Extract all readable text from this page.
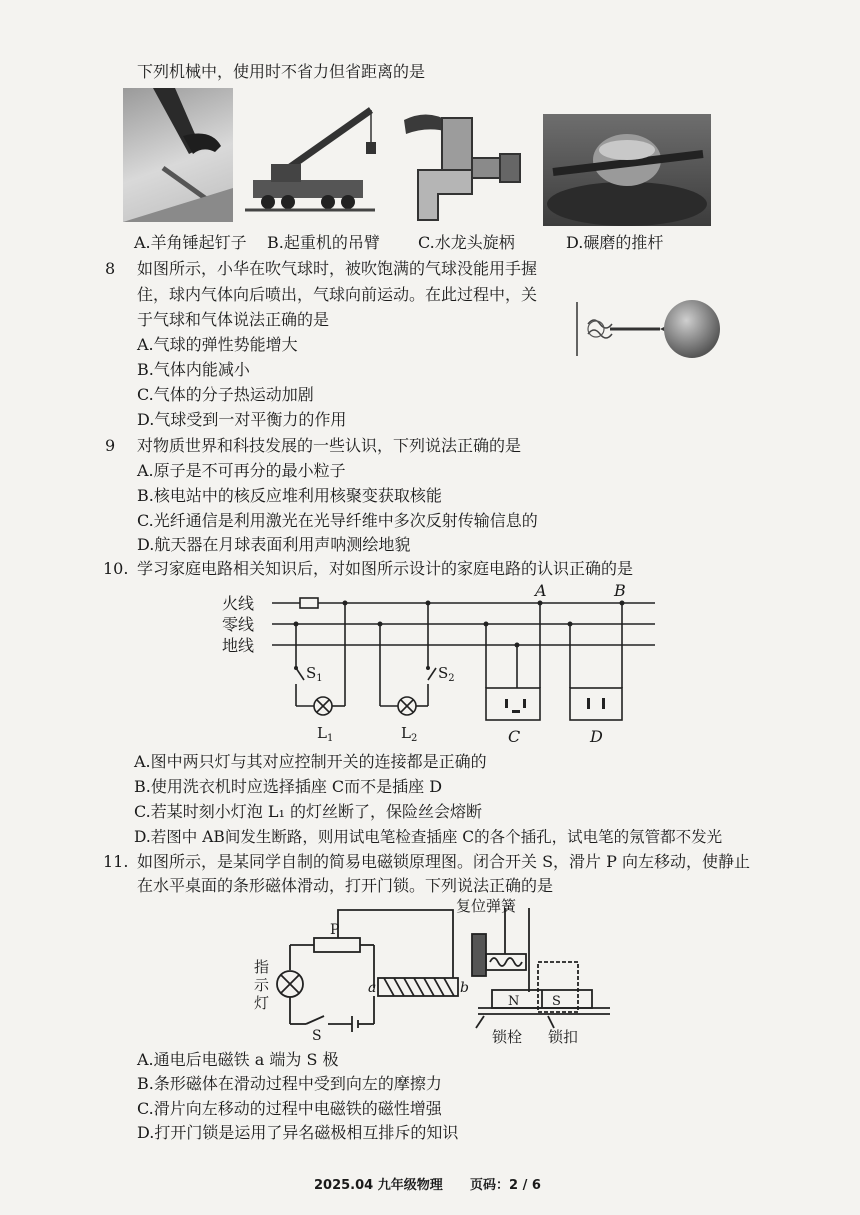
下列机械中，使用时不省力但省距离的是
A.羊角锤起钉子 B.起重机的吊臂 C.水龙头旋柄	D.碾磨的推杆
8 如图所示，小华在吹气球时，被吹饱满的气球没能用手握
住，球内气体向后喷出，气球向前运动。在此过程中，关
于气球和气体说法正确的是
A.气球的弹性势能增大
B.气体内能减小
C.气体的分子热运动加剧
D.气球受到一对平衡力的作用
9 对物质世界和科技发展的一些认识，下列说法正确的是
A.原子是不可再分的最小粒子
B.核电站中的核反应堆利用核聚变获取核能
C.光纤通信是利用激光在光导纤维中多次反射传输信息的
D.航天器在月球表面利用声呐测绘地貌
10. 学习家庭电路相关知识后，对如图所示设计的家庭电路的认识正确的是
火线
零线
地线
$S_1$	$S_2$
$L_1$	$L_2$
A	B
C	D
A.图中两只灯与其对应控制开关的连接都是正确的
B.使用洗衣机时应选择插座 C而不是插座 D
C.若某时刻小灯泡 L₁ 的灯丝断了，保险丝会熔断
D.若图中 AB间发生断路，则用试电笔检查插座 C的各个插孔，试电笔的氖管都不发光
11. 如图所示，是某同学自制的简易电磁锁原理图。闭合开关 S，滑片 P 向左移动，使静止
在水平桌面的条形磁体滑动，打开门锁。下列说法正确的是
P
指
示
灯
S
a	b
复位弹簧
N	S
锁栓 锁扣
A.通电后电磁铁 a 端为 S 极
B.条形磁体在滑动过程中受到向左的摩擦力
C.滑片向左移动的过程中电磁铁的磁性增强
D.打开门锁是运用了异名磁极相互排斥的知识
2025.04 九年级物理 页码：2 / 6
